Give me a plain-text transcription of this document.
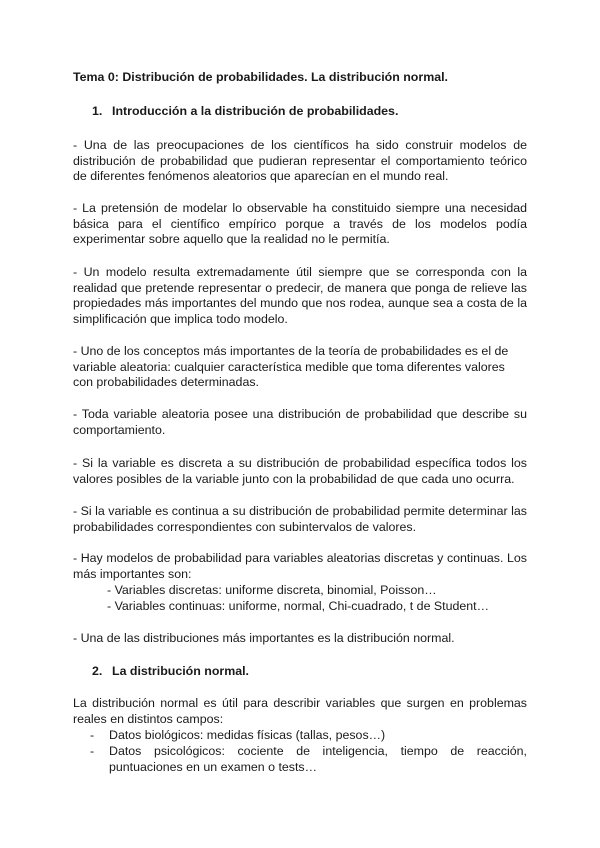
Tema 0: Distribución de probabilidades. La distribución normal.
1. Introducción a la distribución de probabilidades.
- Una de las preocupaciones de los científicos ha sido construir modelos de distribución de probabilidad que pudieran representar el comportamiento teórico de diferentes fenómenos aleatorios que aparecían en el mundo real.
- La pretensión de modelar lo observable ha constituido siempre una necesidad básica para el científico empírico porque a través de los modelos podía experimentar sobre aquello que la realidad no le permitía.
- Un modelo resulta extremadamente útil siempre que se corresponda con la realidad que pretende representar o predecir, de manera que ponga de relieve las propiedades más importantes del mundo que nos rodea, aunque sea a costa de la simplificación que implica todo modelo.
- Uno de los conceptos más importantes de la teoría de probabilidades es el de variable aleatoria: cualquier característica medible que toma diferentes valores con probabilidades determinadas.
- Toda variable aleatoria posee una distribución de probabilidad que describe su comportamiento.
- Si la variable es discreta a su distribución de probabilidad específica todos los valores posibles de la variable junto con la probabilidad de que cada uno ocurra.
- Si la variable es continua a su distribución de probabilidad permite determinar las probabilidades correspondientes con subintervalos de valores.
- Hay modelos de probabilidad para variables aleatorias discretas y continuas. Los más importantes son:
- Variables discretas: uniforme discreta, binomial, Poisson…
- Variables continuas: uniforme, normal, Chi-cuadrado, t de Student…
- Una de las distribuciones más importantes es la distribución normal.
2. La distribución normal.
La distribución normal es útil para describir variables que surgen en problemas reales en distintos campos:
- Datos biológicos: medidas físicas (tallas, pesos…)
- Datos psicológicos: cociente de inteligencia, tiempo de reacción, puntuaciones en un examen o tests…
